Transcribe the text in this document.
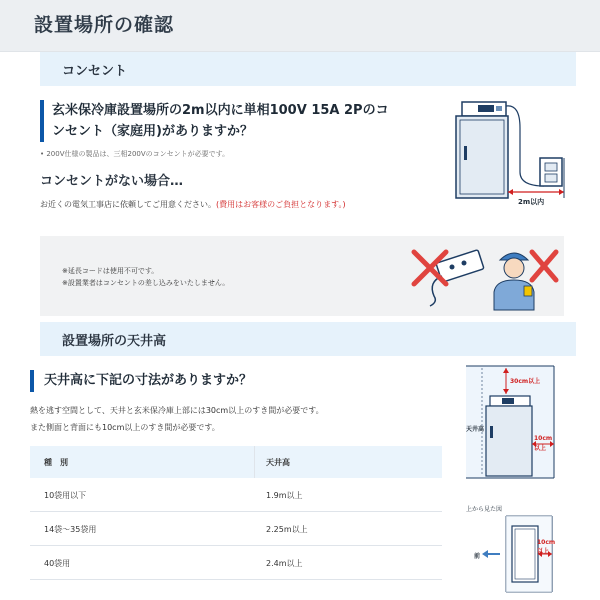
設置場所の確認
コンセント
玄米保冷庫設置場所の2m以内に単相100V 15A 2Pのコ
ンセント（家庭用)がありますか？
• 200V仕様の製品は、三相200Vのコンセントが必要です。
コンセントがない場合…
お近くの電気工事店に依頼してご用意ください。(費用はお客様のご負担となります。)	2m以内
※延長コードは使用不可です。
※設置業者はコンセントの差し込みをいたしません。
設置場所の天井高
天井高に下記の寸法がありますか？
熱を逃す空間として、天井と玄米保冷庫上部には30cm以上のすき間が必要です。
また側面と背面にも10cm以上のすき間が必要です。
種　別	天井高
10袋用以下	1.9m以上
14袋～35袋用	2.25m以上
40袋用	2.4m以上
30cm以上
天井高
10cm
以上
上から見た図
前
10cm
以上
